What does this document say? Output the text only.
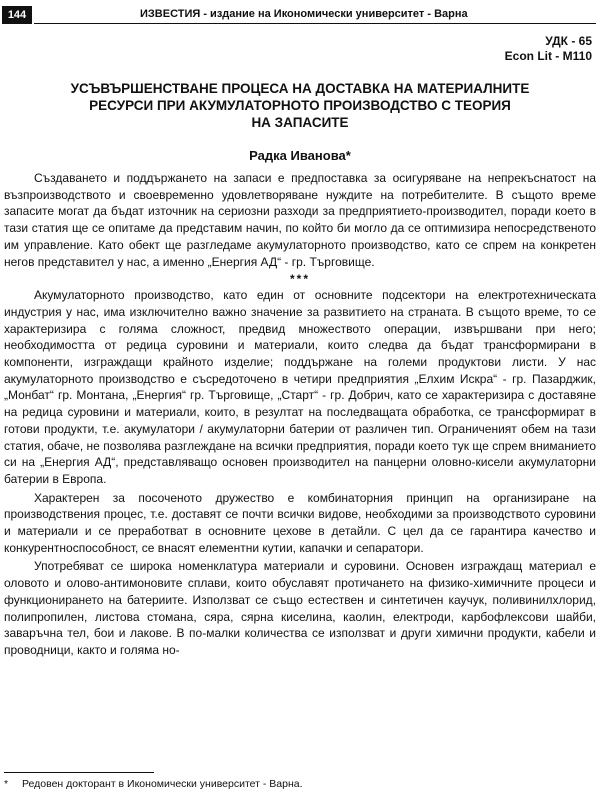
144	ИЗВЕСТИЯ - издание на Икономически университет - Варна
УДК - 65
Econ Lit - M110
УСЪВЪРШЕНСТВАНЕ ПРОЦЕСА НА ДОСТАВКА НА МАТЕРИАЛНИТЕ
РЕСУРСИ ПРИ АКУМУЛАТОРНОТО ПРОИЗВОДСТВО С ТЕОРИЯ
НА ЗАПАСИТЕ
Радка Иванова*

Създаването и поддържането на запаси е предпоставка за осигуряване на непрекъснатост на възпроизводството и своевременно удовлетворяване нуждите на потребителите. В същото време запасите могат да бъдат източник на сериозни разходи за предприятието-производител, поради което в тази статия ще се опитаме да представим начин, по който би могло да се оптимизира непосредственото им управление. Като обект ще разгледаме акумулаторното производство, като се спрем на конкретен негов представител у нас, а именно „Енергия АД“ - гр. Търговище.

***

Акумулаторното производство, като един от основните подсектори на електротехническата индустрия у нас, има изключително важно значение за развитието на страната. В същото време, то се характеризира с голяма сложност, предвид множеството операции, извършвани при него; необходимостта от редица суровини и материали, които следва да бъдат трансформирани в компоненти, изграждащи крайното изделие; поддържане на големи продуктови листи. У нас акумулаторното производство е съсредоточено в четири предприятия „Елхим Искра“ - гр. Пазарджик, „Монбат“ гр. Монтана, „Енергия“ гр. Търговище, „Старт“ - гр. Добрич, като се характеризира с доставяне на редица суровини и материали, които, в резултат на последващата обработка, се трансформират в готови продукти, т.е. акумулатори / акумулаторни батерии от различен тип. Ограниченият обем на тази статия, обаче, не позволява разглеждане на всички предприятия, поради което тук ще спрем вниманието си на „Енергия АД“, представляващо основен производител на панцерни оловно-кисели акумулаторни батерии в Европа.

Характерен за посоченото дружество е комбинаторния принцип на организиране на производствения процес, т.е. доставят се почти всички видове, необходими за производството суровини и материали и се преработват в основните цехове в детайли. С цел да се гарантира качество и конкурентноспособност, се внасят елементни кутии, капачки и сепаратори.

Употребяват се широка номенклатура материали и суровини. Основен изграждащ материал е оловото и олово-антимоновите сплави, които обуславят протичането на физико-химичните процеси и функционирането на батериите. Използват се също естествен и синтетичен каучук, поливинилхлорид, полипропилен, листова стомана, сяра, сярна киселина, каолин, електроди, карбофлексови шайби, заваръчна тел, бои и лакове. В по-малки количества се използват и други химични продукти, кабели и проводници, както и голяма но-

* Редовен докторант в Икономически университет - Варна.
